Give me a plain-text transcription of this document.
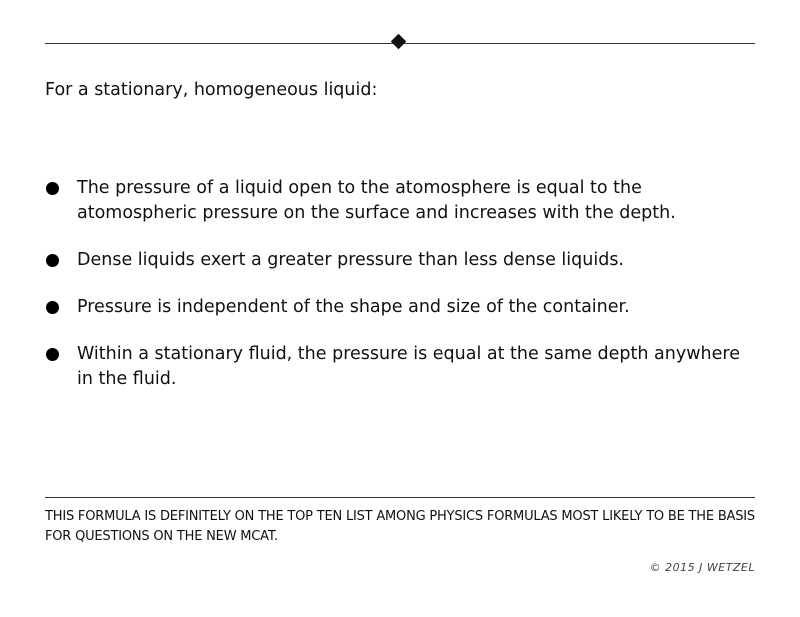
For a stationary, homogeneous liquid:
The pressure of a liquid open to the atomosphere is equal to the atomospheric pressure on the surface and increases with the depth.
Dense liquids exert a greater pressure than less dense liquids.
Pressure is independent of the shape and size of the container.
Within a stationary fluid, the pressure is equal at the same depth anywhere in the fluid.
THIS FORMULA IS DEFINITELY ON THE TOP TEN LIST AMONG PHYSICS FORMULAS MOST LIKELY TO BE THE BASIS FOR QUESTIONS ON THE NEW MCAT.
© 2015 J WETZEL
